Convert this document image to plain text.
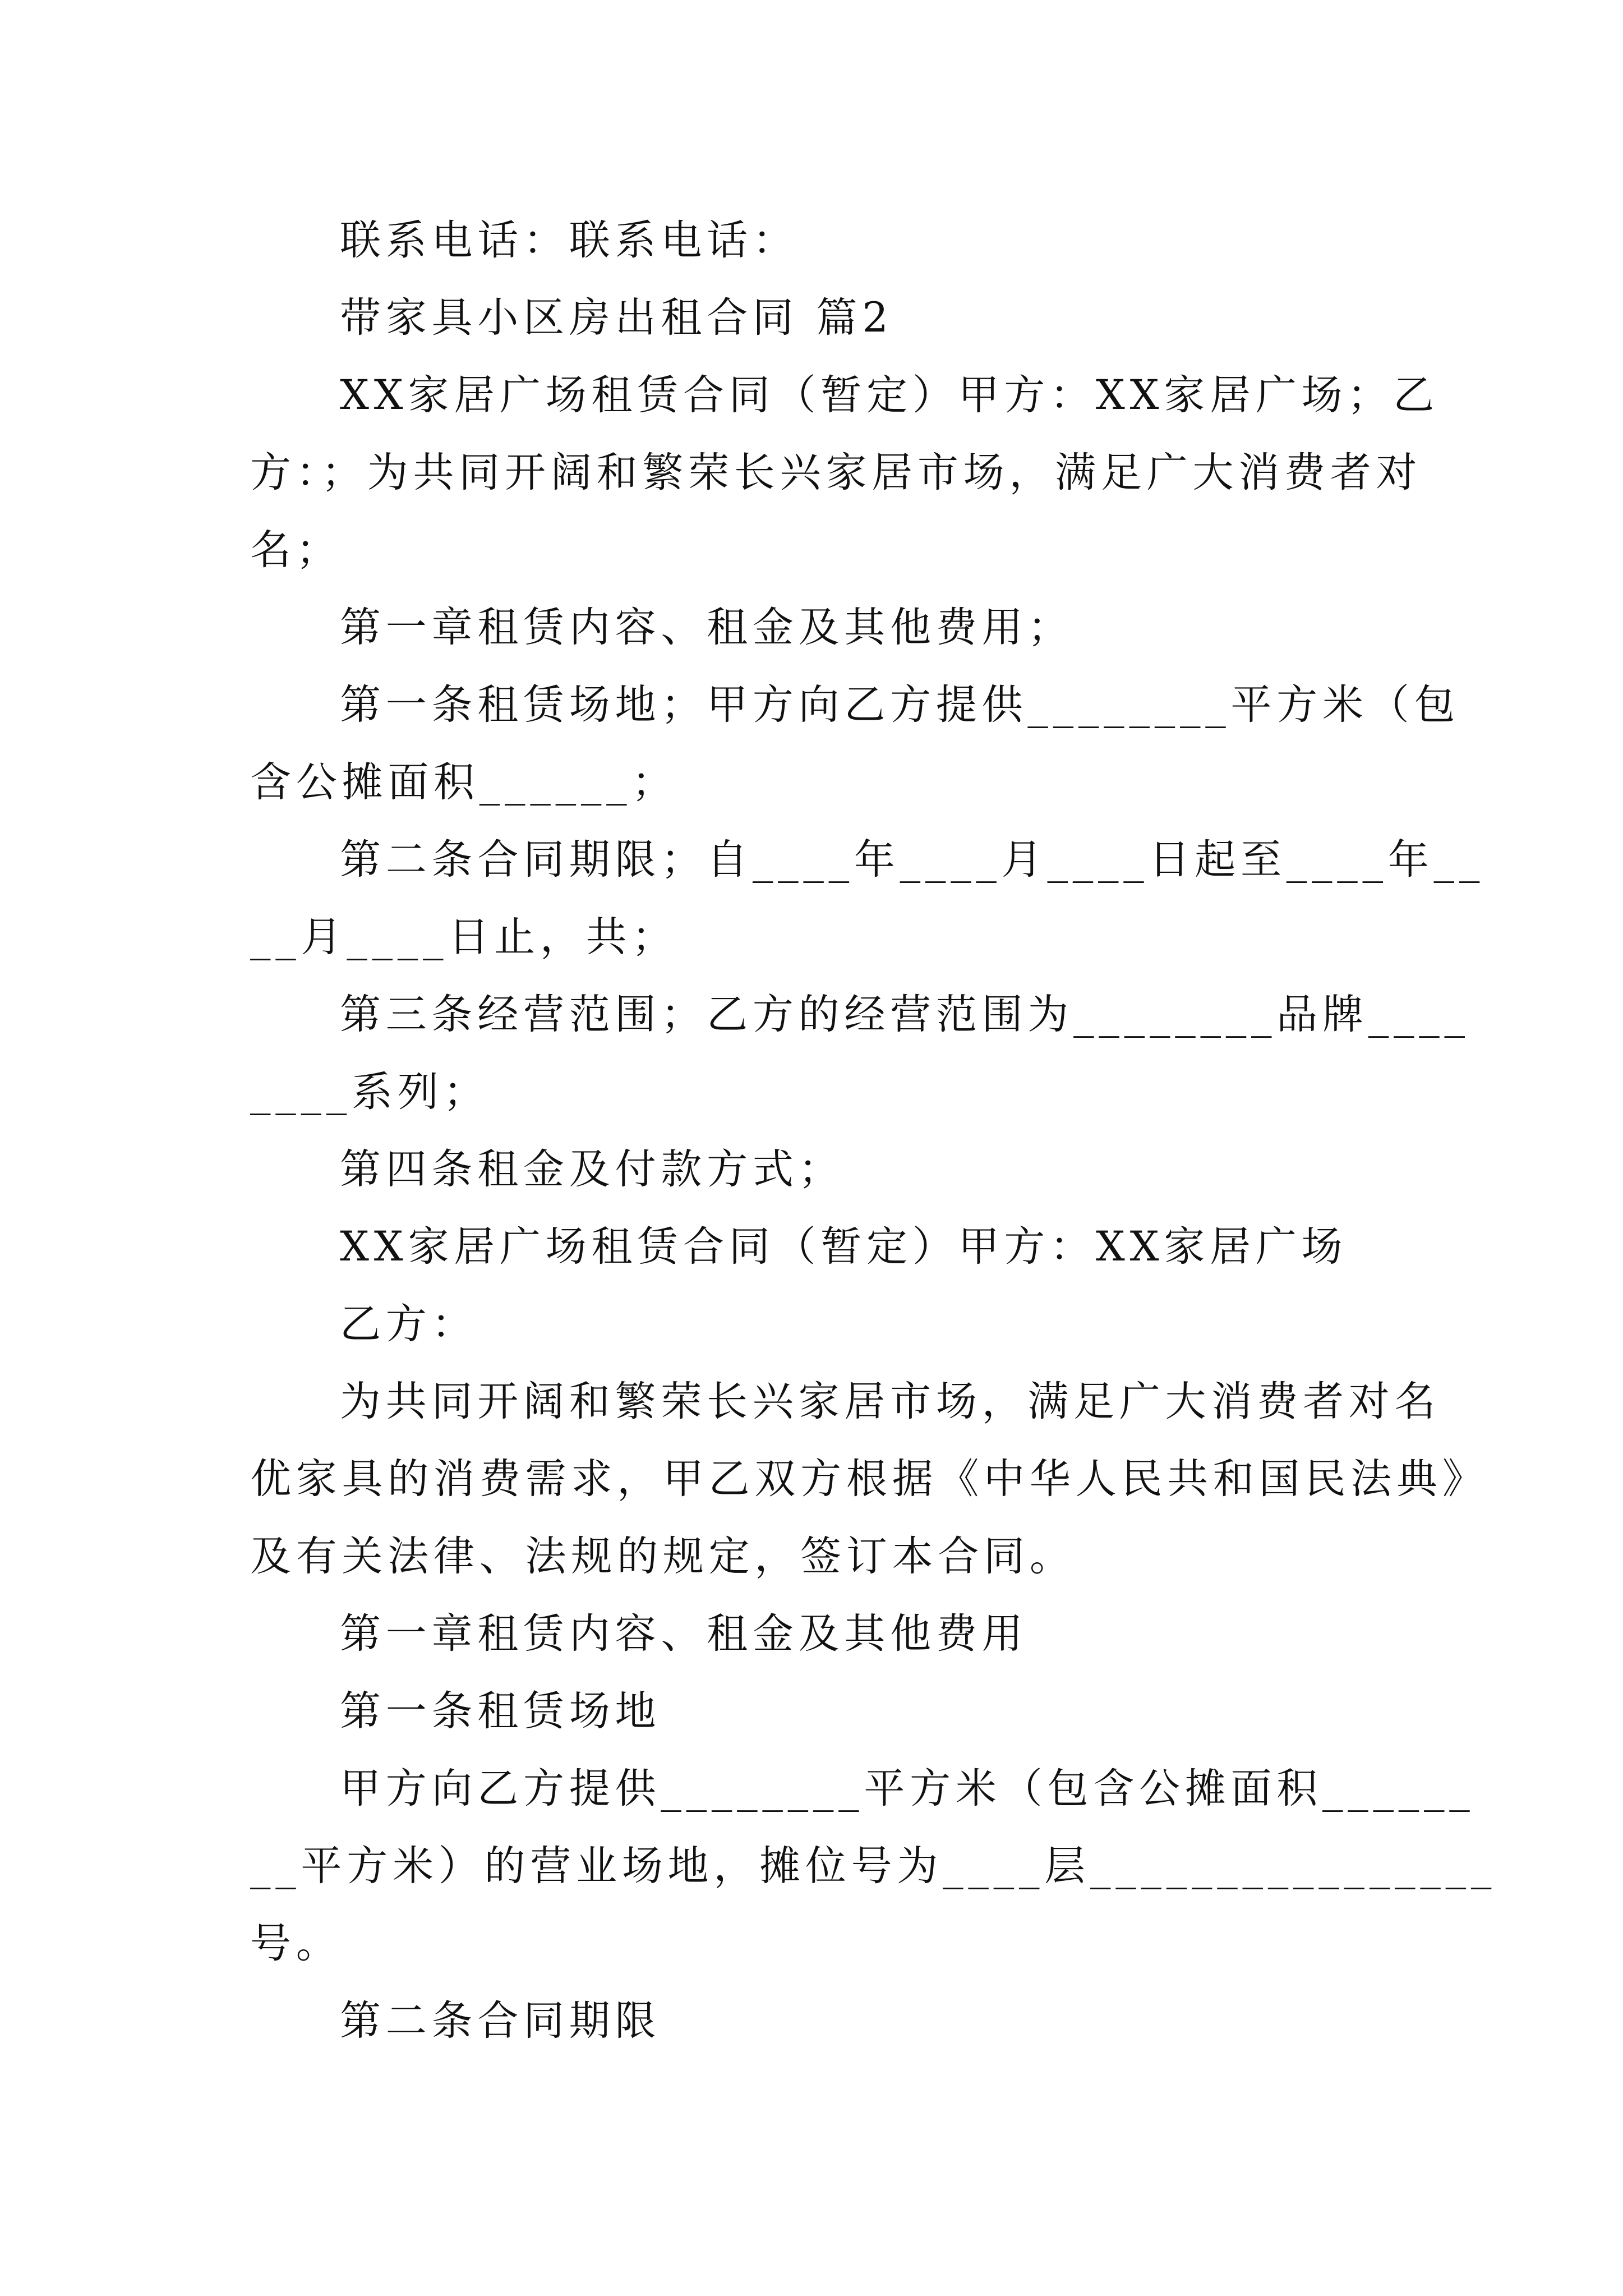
联系电话：联系电话：
带家具小区房出租合同 篇2
XX家居广场租赁合同（暂定）甲方：XX家居广场；乙
方：；为共同开阔和繁荣长兴家居市场，满足广大消费者对
名；
第一章租赁内容、租金及其他费用；
第一条租赁场地；甲方向乙方提供________平方米（包
含公摊面积______；
第二条合同期限；自____年____月____日起至____年__
__月____日止，共；
第三条经营范围；乙方的经营范围为________品牌____
____系列；
第四条租金及付款方式；
XX家居广场租赁合同（暂定）甲方：XX家居广场
乙方：
为共同开阔和繁荣长兴家居市场，满足广大消费者对名
优家具的消费需求，甲乙双方根据《中华人民共和国民法典》
及有关法律、法规的规定，签订本合同。
第一章租赁内容、租金及其他费用
第一条租赁场地
甲方向乙方提供________平方米（包含公摊面积______
__平方米）的营业场地，摊位号为____层________________
号。
第二条合同期限
